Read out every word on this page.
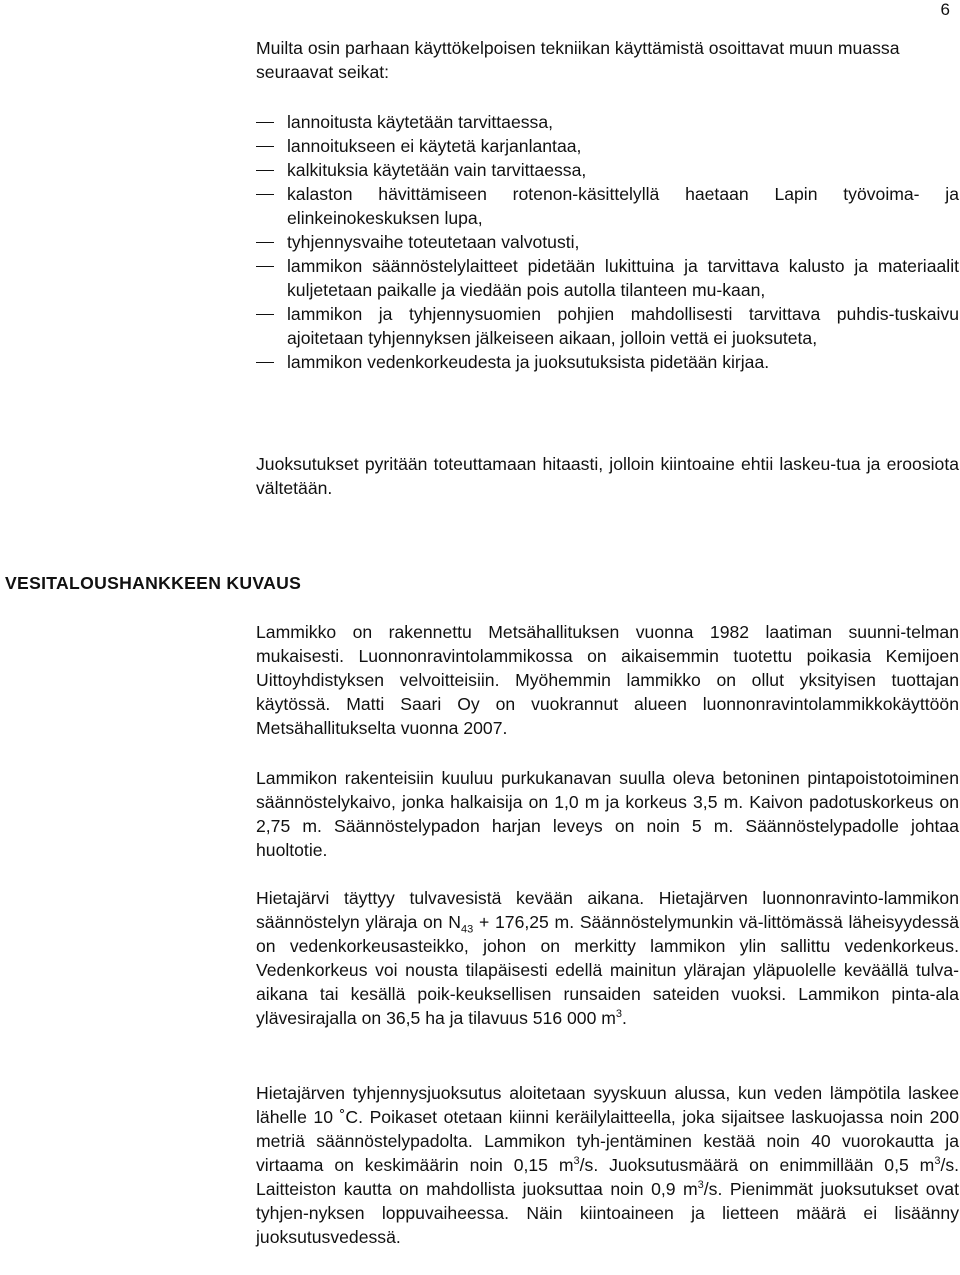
6

Muilta osin parhaan käyttökelpoisen tekniikan käyttämistä osoittavat muun muassa seuraavat seikat:

lannoitusta käytetään tarvittaessa,
lannoitukseen ei käytetä karjanlantaa,
kalkituksia käytetään vain tarvittaessa,
kalaston hävittämiseen rotenon-käsittelyllä haetaan Lapin työvoima- ja elinkeinokeskuksen lupa,
tyhjennysvaihe toteutetaan valvotusti,
lammikon säännöstelylaitteet pidetään lukittuina ja tarvittava kalusto ja materiaalit kuljetetaan paikalle ja viedään pois autolla tilanteen mu-kaan,
lammikon ja tyhjennysuomien pohjien mahdollisesti tarvittava puhdis-tuskaivu ajoitetaan tyhjennyksen jälkeiseen aikaan, jolloin vettä ei juoksuteta,
lammikon vedenkorkeudesta ja juoksutuksista pidetään kirjaa.

Juoksutukset pyritään toteuttamaan hitaasti, jolloin kiintoaine ehtii laskeu-tua ja eroosiota vältetään.

VESITALOUSHANKKEEN KUVAUS

Lammikko on rakennettu Metsähallituksen vuonna 1982 laatiman suunni-telman mukaisesti. Luonnonravintolammikossa on aikaisemmin tuotettu poikasia Kemijoen Uittoyhdistyksen velvoitteisiin. Myöhemmin lammikko on ollut yksityisen tuottajan käytössä. Matti Saari Oy on vuokrannut alueen luonnonravintolammikkokäyttöön Metsähallitukselta vuonna 2007.

Lammikon rakenteisiin kuuluu purkukanavan suulla oleva betoninen pintapoistotoiminen säännöstelykaivo, jonka halkaisija on 1,0 m ja korkeus 3,5 m. Kaivon padotuskorkeus on 2,75 m. Säännöstelypadon harjan leveys on noin 5 m. Säännöstelypadolle johtaa huoltotie.

Hietajärvi täyttyy tulvavesistä kevään aikana. Hietajärven luonnonravinto-lammikon säännöstelyn yläraja on $N_{43} + 176,25$ m. Säännöstelymunkin vä-littömässä läheisyydessä on vedenkorkeusasteikko, johon on merkitty lammikon ylin sallittu vedenkorkeus. Vedenkorkeus voi nousta tilapäisesti edellä mainitun ylärajan yläpuolelle keväällä tulva-aikana tai kesällä poik-keuksellisen runsaiden sateiden vuoksi. Lammikon pinta-ala ylävesirajalla on 36,5 ha ja tilavuus 516 000 $m^3$.

Hietajärven tyhjennysjuoksutus aloitetaan syyskuun alussa, kun veden lämpötila laskee lähelle 10 ˚C. Poikaset otetaan kiinni keräilylaitteella, joka sijaitsee laskuojassa noin 200 metriä säännöstelypadolta. Lammikon tyh-jentäminen kestää noin 40 vuorokautta ja virtaama on keskimäärin noin 0,15 $m^3/s$. Juoksutusmäärä on enimmillään 0,5 $m^3/s$. Laitteiston kautta on mahdollista juoksuttaa noin 0,9 $m^3/s$. Pienimmät juoksutukset ovat tyhjen-nyksen loppuvaiheessa. Näin kiintoaineen ja lietteen määrä ei lisäänny juoksutusvedessä.
